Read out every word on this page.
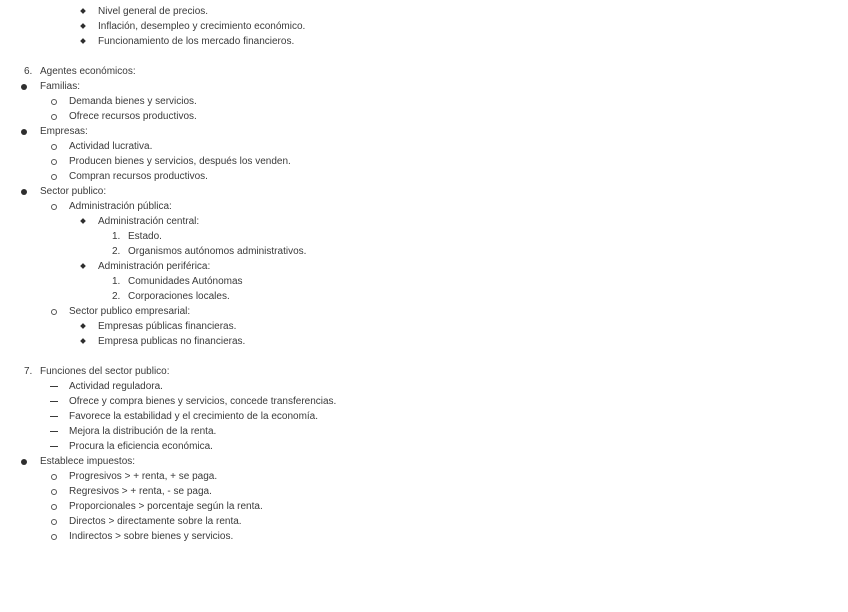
Nivel general de precios.
Inflación, desempleo y crecimiento económico.
Funcionamiento de los mercado financieros.
6. Agentes económicos:
Familias:
Demanda bienes y servicios.
Ofrece recursos productivos.
Empresas:
Actividad lucrativa.
Producen bienes y servicios, después los venden.
Compran recursos productivos.
Sector publico:
Administración pública:
Administración central:
1. Estado.
2. Organismos autónomos administrativos.
Administración periférica:
1. Comunidades Autónomas
2. Corporaciones locales.
Sector publico empresarial:
Empresas públicas financieras.
Empresa publicas no financieras.
7. Funciones del sector publico:
Actividad reguladora.
Ofrece y compra bienes y servicios, concede transferencias.
Favorece la estabilidad y el crecimiento de la economía.
Mejora la distribución de la renta.
Procura la eficiencia económica.
Establece impuestos:
Progresivos > + renta, + se paga.
Regresivos > + renta, - se paga.
Proporcionales > porcentaje según la renta.
Directos > directamente sobre la renta.
Indirectos > sobre bienes y servicios.
